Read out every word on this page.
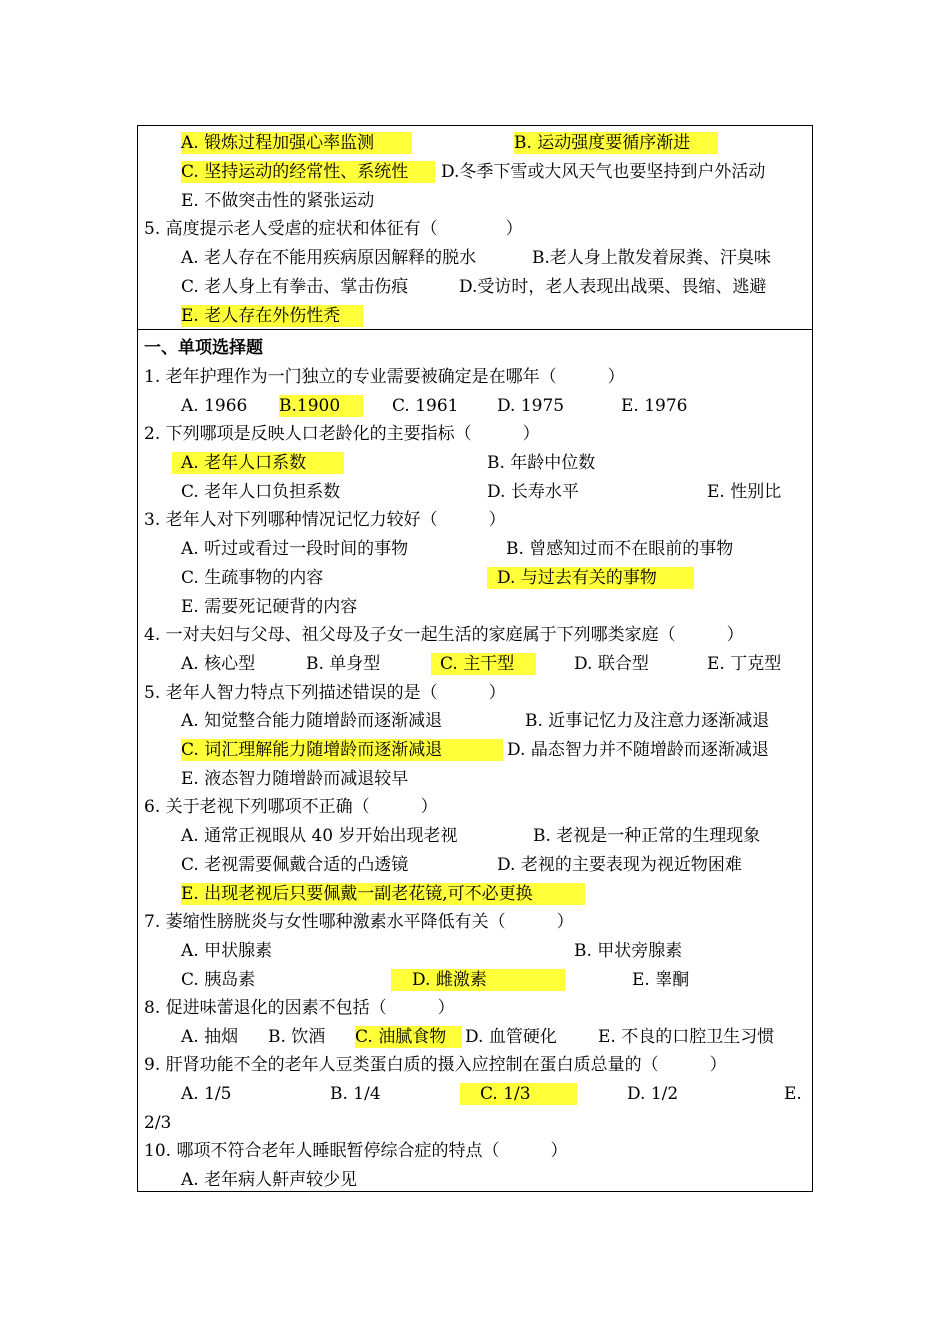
A. 锻炼过程加强心率监测	B. 运动强度要循序渐进
C. 坚持运动的经常性、系统性	D.冬季下雪或大风天气也要坚持到户外活动
E. 不做突击性的紧张运动
5. 高度提示老人受虐的症状和体征有（　　　　）
A. 老人存在不能用疾病原因解释的脱水	B.老人身上散发着尿粪、汗臭味
C. 老人身上有拳击、掌击伤痕	D.受访时，老人表现出战栗、畏缩、逃避
E. 老人存在外伤性秃
一、单项选择题
1. 老年护理作为一门独立的专业需要被确定是在哪年（　　　）
A. 1966 B.1900	C. 1961 D. 1975	E. 1976
2. 下列哪项是反映人口老龄化的主要指标（　　　）
A. 老年人口系数	B. 年龄中位数
C. 老年人口负担系数	D. 长寿水平	E. 性别比
3. 老年人对下列哪种情况记忆力较好（　　　）
A. 听过或看过一段时间的事物	B. 曾感知过而不在眼前的事物
C. 生疏事物的内容	D. 与过去有关的事物
E. 需要死记硬背的内容
4. 一对夫妇与父母、祖父母及子女一起生活的家庭属于下列哪类家庭（　　　）
A. 核心型	B. 单身型	C. 主干型	D. 联合型	E. 丁克型
5. 老年人智力特点下列描述错误的是（　　　）
A. 知觉整合能力随增龄而逐渐减退	B. 近事记忆力及注意力逐渐减退
C. 词汇理解能力随增龄而逐渐减退	D. 晶态智力并不随增龄而逐渐减退
E. 液态智力随增龄而减退较早
6. 关于老视下列哪项不正确（　　　）
A. 通常正视眼从 40 岁开始出现老视	B. 老视是一种正常的生理现象
C. 老视需要佩戴合适的凸透镜	D. 老视的主要表现为视近物困难
E. 出现老视后只要佩戴一副老花镜,可不必更换
7. 萎缩性膀胱炎与女性哪种激素水平降低有关（　　　）
A. 甲状腺素	B. 甲状旁腺素
C. 胰岛素	D. 雌激素	E. 睾酮
8. 促进味蕾退化的因素不包括（　　　）
A. 抽烟 B. 饮酒 C. 油腻食物	D. 血管硬化 E. 不良的口腔卫生习惯
9. 肝肾功能不全的老年人豆类蛋白质的摄入应控制在蛋白质总量的（　　　）
A. 1/5	B. 1/4	C. 1/3	D. 1/2	E.
2/3
10. 哪项不符合老年人睡眠暂停综合症的特点（　　　）
A. 老年病人鼾声较少见
